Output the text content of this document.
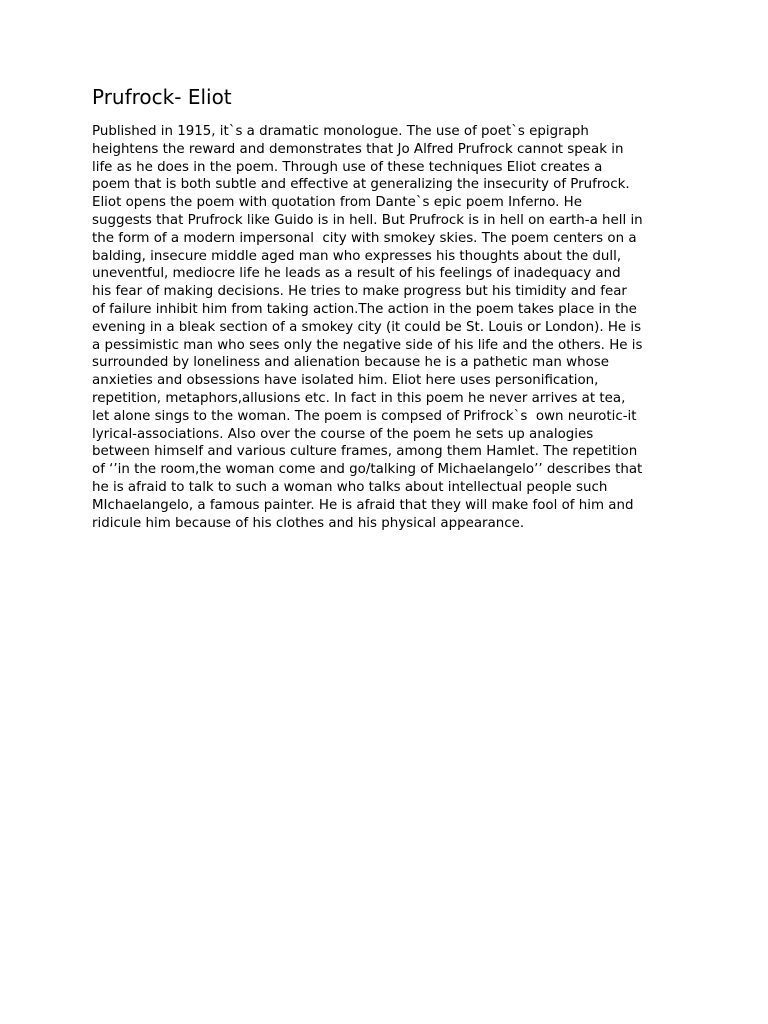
Prufrock- Eliot
Published in 1915, it`s a dramatic monologue. The use of poet`s epigraph
heightens the reward and demonstrates that Jo Alfred Prufrock cannot speak in
life as he does in the poem. Through use of these techniques Eliot creates a
poem that is both subtle and effective at generalizing the insecurity of Prufrock.
Eliot opens the poem with quotation from Dante`s epic poem Inferno. He
suggests that Prufrock like Guido is in hell. But Prufrock is in hell on earth-a hell in
the form of a modern impersonal  city with smokey skies. The poem centers on a
balding, insecure middle aged man who expresses his thoughts about the dull,
uneventful, mediocre life he leads as a result of his feelings of inadequacy and
his fear of making decisions. He tries to make progress but his timidity and fear
of failure inhibit him from taking action.The action in the poem takes place in the
evening in a bleak section of a smokey city (it could be St. Louis or London). He is
a pessimistic man who sees only the negative side of his life and the others. He is
surrounded by loneliness and alienation because he is a pathetic man whose
anxieties and obsessions have isolated him. Eliot here uses personification,
repetition, metaphors,allusions etc. In fact in this poem he never arrives at tea,
let alone sings to the woman. The poem is compsed of Prifrock`s  own neurotic-it
lyrical-associations. Also over the course of the poem he sets up analogies
between himself and various culture frames, among them Hamlet. The repetition
of ‘’in the room,the woman come and go/talking of Michaelangelo’’ describes that
he is afraid to talk to such a woman who talks about intellectual people such
MIchaelangelo, a famous painter. He is afraid that they will make fool of him and
ridicule him because of his clothes and his physical appearance.
